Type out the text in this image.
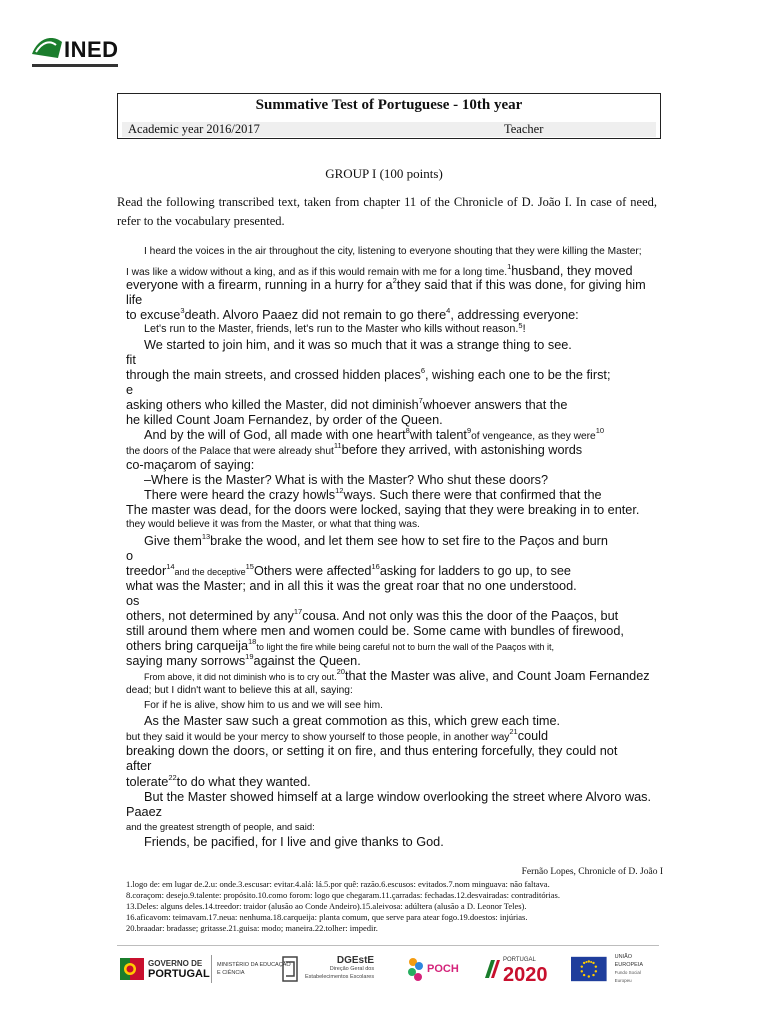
INED
Summative Test of Portuguese - 10th year
Academic year 2016/2017	Teacher
GROUP I (100 points)
Read the following transcribed text, taken from chapter 11 of the Chronicle of D. João I. In case of need, refer to the vocabulary presented.
I heard the voices in the air throughout the city, listening to everyone shouting that they were killing the Master;
I was like a widow without a king, and as if this would remain with me for a long time.$^1$husband, they moved
everyone with a firearm, running in a hurry for $a^2they$ said that if this was done, for giving him
life
to excuse$^3$death. Alvoro Paaez did not remain to go there$^4$, addressing everyone:
Let's run to the Master, friends, let's run to the Master who kills without reason.$^5$!
We started to join him, and it was so much that it was a strange thing to see.
fit
through the main streets, and crossed hidden places$^6$, wishing each one to be the first;
e
asking others who killed the Master, did not diminish$^7$whoever answers that the
he killed Count Joam Fernandez, by order of the Queen.
And by the will of God, all made with one heart$^8$with talent$^9$of vengeance, as they were$^{10}$
the doors of the Palace that were already shut$^{11}$before they arrived, with astonishing words
co-maçarom of saying:
–Where is the Master? What is with the Master? Who shut these doors?
There were heard the crazy howls$^{12}$ways. Such there were that confirmed that the
The master was dead, for the doors were locked, saying that they were breaking in to enter.
they would believe it was from the Master, or what that thing was.
Give them$^{13}$brake the wood, and let them see how to set fire to the Paços and burn
o
treedor$^{14}$and the deceptive$^{15}$Others were affected$^{16}$asking for ladders to go up, to see
what was the Master; and in all this it was the great roar that no one understood.
os
others, not determined by any$^{17}$cousa. And not only was this the door of the Paaços, but
still around them where men and women could be. Some came with bundles of firewood,
others bring carqueija$^{18}$to light the fire while being careful not to burn the wall of the Paaços with it,
saying many sorrows$^{19}$against the Queen.
From above, it did not diminish who is to cry out.$^{20}$that the Master was alive, and Count Joam Fernandez
dead; but I didn't want to believe this at all, saying:
For if he is alive, show him to us and we will see him.
As the Master saw such a great commotion as this, which grew each time.
but they said it would be your mercy to show yourself to those people, in another way$^{21}$could
breaking down the doors, or setting it on fire, and thus entering forcefully, they could not
after
tolerate$^{22}$to do what they wanted.
But the Master showed himself at a large window overlooking the street where Alvoro was.
Paaez
and the greatest strength of people, and said:
Friends, be pacified, for I live and give thanks to God.
Fernão Lopes, Chronicle of D. João I
1.logo de: em lugar de.2.u: onde.3.escusar: evitar.4.alá: lá.5.por quê: razão.6.escusos: evitados.7.nom minguava: não faltava.
8.coraçom: desejo.9.talente: propósito.10.como forom: logo que chegaram.11.çarradas: fechadas.12.desvairadas: contraditórias.
13.Deles: alguns deles.14.treedor: traidor (alusão ao Conde Andeiro).15.aleivosa: adúltera (alusão a D. Leonor Teles).
16.aficavom: teimavam.17.neua: nenhuma.18.carqueija: planta comum, que serve para atear fogo.19.doestos: injúrias.
20.braadar: bradasse; gritasse.21.guisa: modo; maneira.22.tolher: impedir.
GOVERNO DE
PORTUGAL
MINISTÉRIO DA EDUCAÇÃO
E CIÊNCIA
DGEstE
Direção Geral dos
Estabelecimentos Escolares
POCH
PORTUGAL
2020
UNIÃO EUROPEIA
Fundo Social Europeu
